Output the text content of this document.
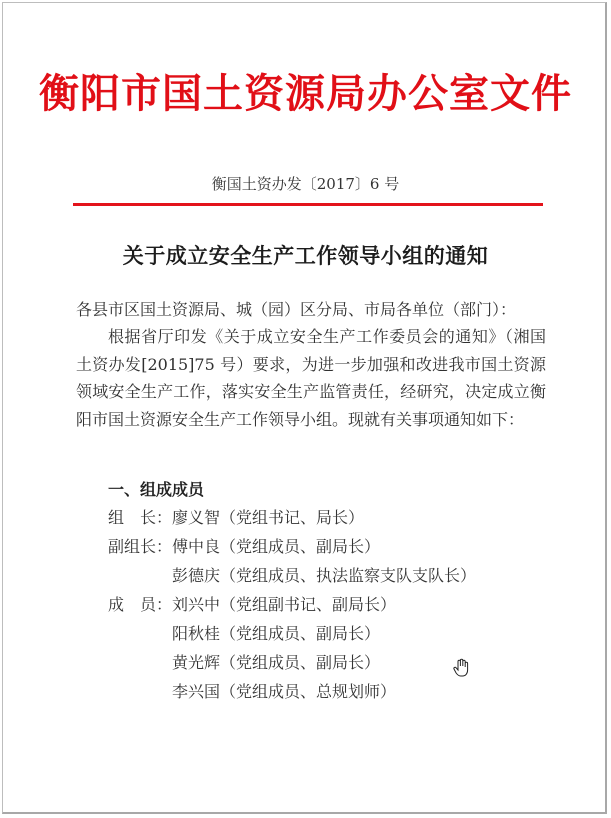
衡阳市国土资源局办公室文件
衡国土资办发〔2017〕6 号
关于成立安全生产工作领导小组的通知
各县市区国土资源局、城（园）区分局、市局各单位（部门）：
根据省厅印发《关于成立安全生产工作委员会的通知》（湘国土资办发[2015]75 号）要求，为进一步加强和改进我市国土资源领域安全生产工作，落实安全生产监管责任，经研究，决定成立衡阳市国土资源安全生产工作领导小组。现就有关事项通知如下：
一、组成成员
组　长：廖义智（党组书记、局长）
副组长：傅中良（党组成员、副局长）
彭德庆（党组成员、执法监察支队支队长）
成　员：刘兴中（党组副书记、副局长）
阳秋桂（党组成员、副局长）
黄光辉（党组成员、副局长）
李兴国（党组成员、总规划师）
